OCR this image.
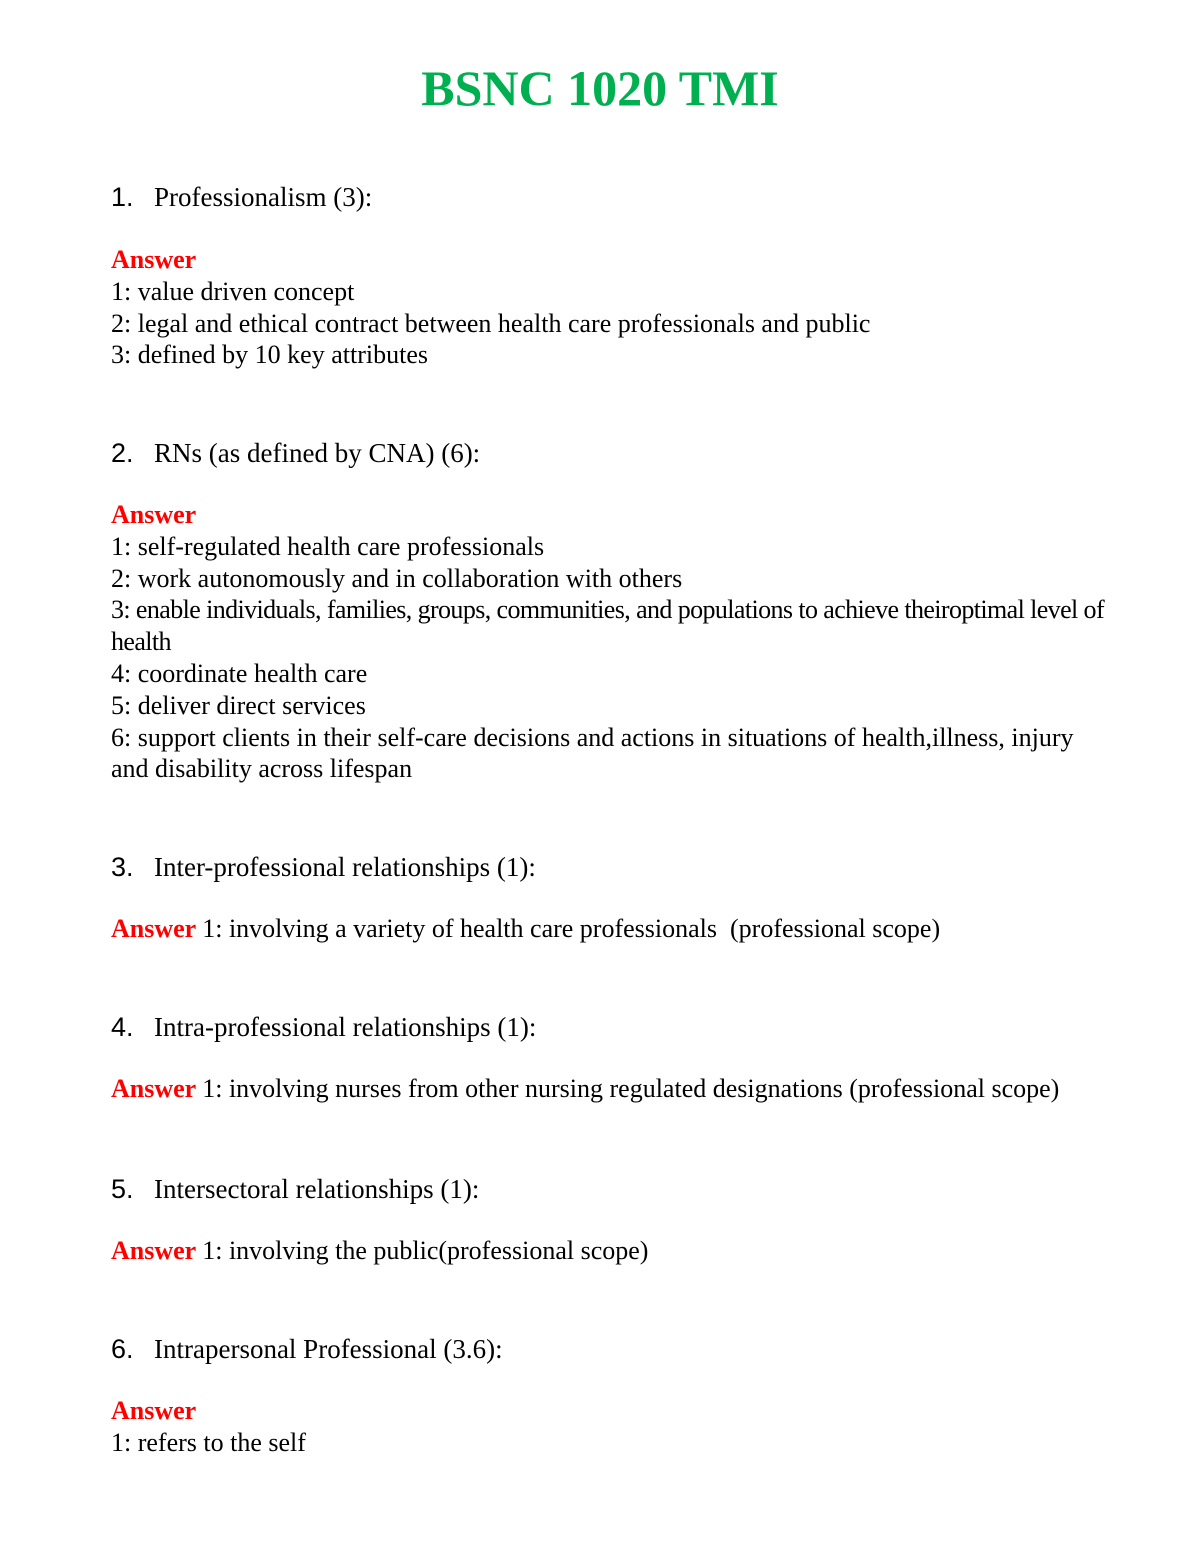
BSNC 1020 TMI
1. Professionalism (3):
Answer
1: value driven concept
2: legal and ethical contract between health care professionals and public
3: defined by 10 key attributes
2. RNs (as defined by CNA) (6):
Answer
1: self-regulated health care professionals
2: work autonomously and in collaboration with others
3: enable individuals, families, groups, communities, and populations to achieve theiroptimal level of health
4: coordinate health care
5: deliver direct services
6: support clients in their self-care decisions and actions in situations of health,illness, injury and disability across lifespan
3. Inter-professional relationships (1):
Answer 1: involving a variety of health care professionals  (professional scope)
4. Intra-professional relationships (1):
Answer 1: involving nurses from other nursing regulated designations (professional scope)
5. Intersectoral relationships (1):
Answer 1: involving the public(professional scope)
6. Intrapersonal Professional (3.6):
Answer
1: refers to the self
